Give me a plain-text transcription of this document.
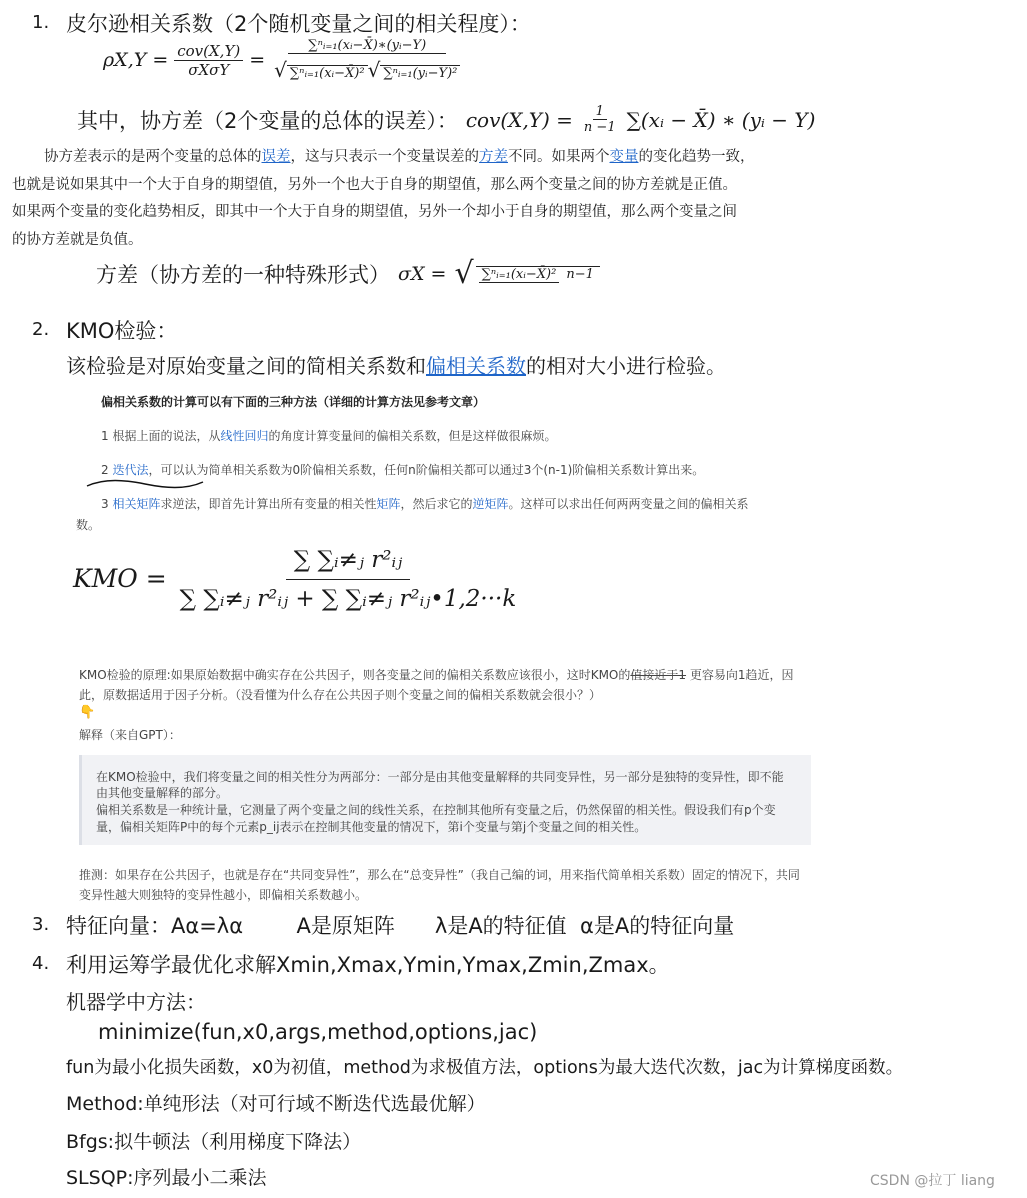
1. 皮尔逊相关系数（2个随机变量之间的相关程度）：
$\rho X,Y = \frac{\text{cov(X,Y)}}{\text{σXσY}} = \frac{\text{∑ⁿᵢ₌₁(xᵢ−X̄)∗(yᵢ−Y)}}{\text{√ ∑ⁿᵢ₌₁(xᵢ−X̄)² √ ∑ⁿᵢ₌₁(yᵢ−Y)²}}$
其中，协方差（2个变量的总体的误差）： $cov(X,Y) = \frac{1}{n -1}$ ∑(xᵢ − X̄) ∗ (yᵢ − Y)
协方差表示的是两个变量的总体的误差，这与只表示一个变量误差的方差不同。如果两个变量的变化趋势一致，
也就是说如果其中一个大于自身的期望值，另外一个也大于自身的期望值，那么两个变量之间的协方差就是正值。
如果两个变量的变化趋势相反，即其中一个大于自身的期望值，另外一个却小于自身的期望值，那么两个变量之间
的协方差就是负值。
方差（协方差的一种特殊形式） σX = √ ∑ⁿᵢ₌₁(xᵢ−X̄)² n−1
2. KMO检验：
该检验是对原始变量之间的简相关系数和偏相关系数的相对大小进行检验。
偏相关系数的计算可以有下面的三种方法（详细的计算方法见参考文章）
1 根据上面的说法，从线性回归的角度计算变量间的偏相关系数，但是这样做很麻烦。
2 迭代法，可以认为简单相关系数为0阶偏相关系数，任何n阶偏相关都可以通过3个(n-1)阶偏相关系数计算出来。
3 相关矩阵求逆法，即首先计算出所有变量的相关性矩阵，然后求它的逆矩阵。这样可以求出任何两两变量之间的偏相关系
数。
KMO = $\frac{\text{∑ ∑ᵢ≠ⱼ r²ᵢⱼ}}{\text{∑ ∑ᵢ≠ⱼ r²ᵢⱼ + ∑ ∑ᵢ≠ⱼ r²ᵢⱼ•1,2···k}}$
KMO检验的原理:如果原始数据中确实存在公共因子，则各变量之间的偏相关系数应该很小，这时KMO的值接近于1 更容易向1趋近，因
此，原数据适用于因子分析。（没看懂为什么存在公共因子则个变量之间的偏相关系数就会很小？）
👇
解释（来自GPT）：
在KMO检验中，我们将变量之间的相关性分为两部分：一部分是由其他变量解释的共同变异性，另一部分是独特的变异性，即不能
由其他变量解释的部分。
偏相关系数是一种统计量，它测量了两个变量之间的线性关系，在控制其他所有变量之后，仍然保留的相关性。假设我们有p个变
量，偏相关矩阵P中的每个元素p_ij表示在控制其他变量的情况下，第i个变量与第j个变量之间的相关性。
推测：如果存在公共因子，也就是存在“共同变异性”，那么在“总变异性”（我自己编的词，用来指代简单相关系数）固定的情况下，共同
变异性越大则独特的变异性越小，即偏相关系数越小。
3. 特征向量：Aα=λα        A是原矩阵      λ是A的特征值  α是A的特征向量
4. 利用运筹学最优化求解Xmin,Xmax,Ymin,Ymax,Zmin,Zmax。
机器学中方法：
minimize(fun,x0,args,method,options,jac)
fun为最小化损失函数，x0为初值，method为求极值方法，options为最大迭代次数，jac为计算梯度函数。
Method:单纯形法（对可行域不断迭代选最优解）
Bfgs:拟牛顿法（利用梯度下降法）
SLSQP:序列最小二乘法	CSDN @拉丁 liang
